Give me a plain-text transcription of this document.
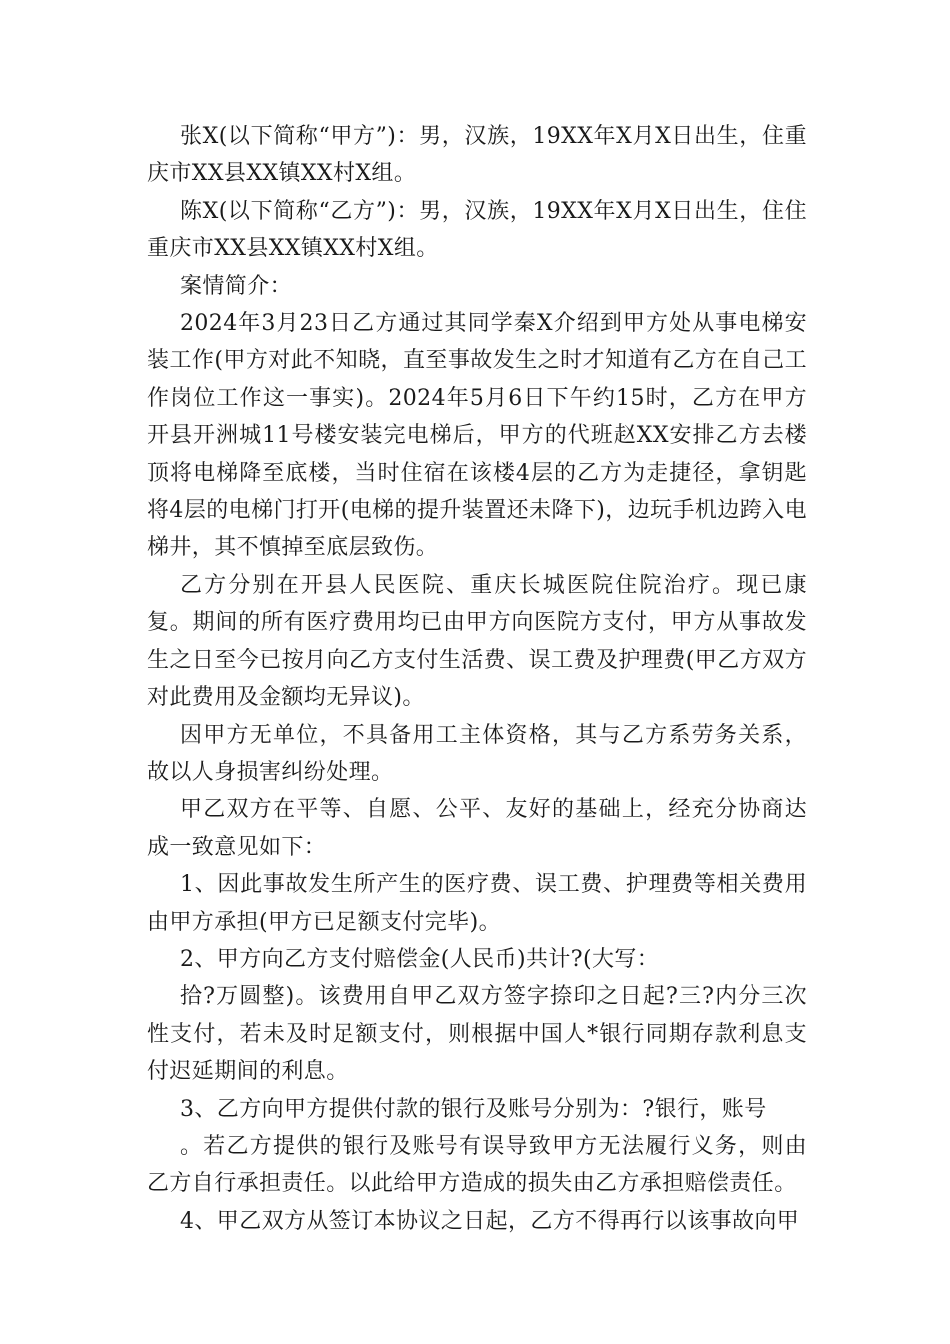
张X(以下简称“甲方”)：男，汉族，19XX年X月X日出生，住重庆市XX县XX镇XX村X组。

陈X(以下简称“乙方”)：男，汉族，19XX年X月X日出生，住住重庆市XX县XX镇XX村X组。

案情简介：

2024年3月23日乙方通过其同学秦X介绍到甲方处从事电梯安装工作(甲方对此不知晓，直至事故发生之时才知道有乙方在自己工作岗位工作这一事实)。2024年5月6日下午约15时，乙方在甲方开县开洲城11号楼安装完电梯后，甲方的代班赵XX安排乙方去楼顶将电梯降至底楼，当时住宿在该楼4层的乙方为走捷径，拿钥匙将4层的电梯门打开(电梯的提升装置还未降下)，边玩手机边跨入电梯井，其不慎掉至底层致伤。

乙方分别在开县人民医院、重庆长城医院住院治疗。现已康复。期间的所有医疗费用均已由甲方向医院方支付，甲方从事故发生之日至今已按月向乙方支付生活费、误工费及护理费(甲乙方双方对此费用及金额均无异议)。

因甲方无单位，不具备用工主体资格，其与乙方系劳务关系，故以人身损害纠纷处理。

甲乙双方在平等、自愿、公平、友好的基础上，经充分协商达成一致意见如下：

1、因此事故发生所产生的医疗费、误工费、护理费等相关费用由甲方承担(甲方已足额支付完毕)。

2、甲方向乙方支付赔偿金(人民币)共计?(大写：

拾?万圆整)。该费用自甲乙双方签字捺印之日起?三?内分三次性支付，若未及时足额支付，则根据中国人*银行同期存款利息支付迟延期间的利息。

3、乙方向甲方提供付款的银行及账号分别为：?银行，账号

。若乙方提供的银行及账号有误导致甲方无法履行义务，则由乙方自行承担责任。以此给甲方造成的损失由乙方承担赔偿责任。

4、甲乙双方从签订本协议之日起，乙方不得再行以该事故向甲
